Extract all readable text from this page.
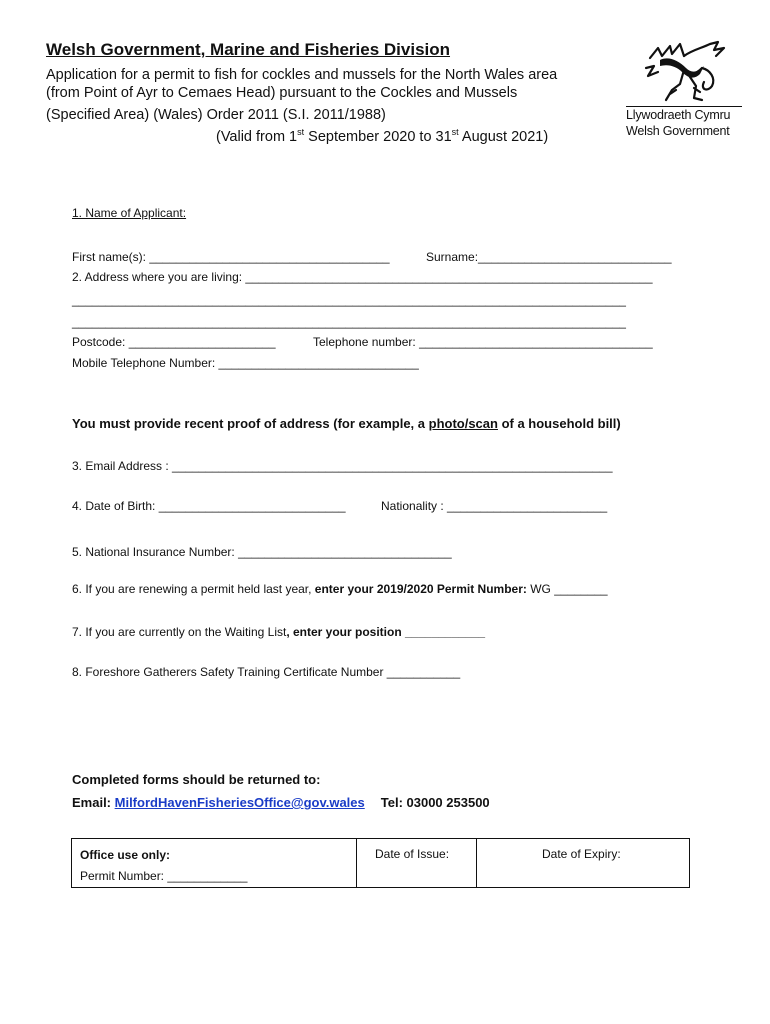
Welsh Government, Marine and Fisheries Division
Application for a permit to fish for cockles and mussels for the North Wales area
(from Point of Ayr to Cemaes Head) pursuant to the Cockles and Mussels
(Specified Area) (Wales) Order 2011 (S.I. 2011/1988)
(Valid from 1st September 2020 to 31st August 2021)
Llywodraeth Cymru
Welsh Government
1. Name of Applicant:
First name(s): ____________________________________	Surname:_____________________________
2. Address where you are living: _____________________________________________________________
___________________________________________________________________________________
___________________________________________________________________________________
Postcode: ______________________	Telephone number: ___________________________________
Mobile Telephone Number: ______________________________
You must provide recent proof of address (for example, a photo/scan of a household bill)
3. Email Address : __________________________________________________________________
4. Date of Birth: ____________________________	Nationality : ________________________
5. National Insurance Number: ________________________________
6. If you are renewing a permit held last year, enter your 2019/2020 Permit Number: WG ________
7. If you are currently on the Waiting List, enter your position ____________
8. Foreshore Gatherers Safety Training Certificate Number ___________
Completed forms should be returned to:
Email: MilfordHavenFisheriesOffice@gov.wales Tel: 03000 253500
Office use only:
Permit Number: ____________
Date of Issue:	Date of Expiry:
